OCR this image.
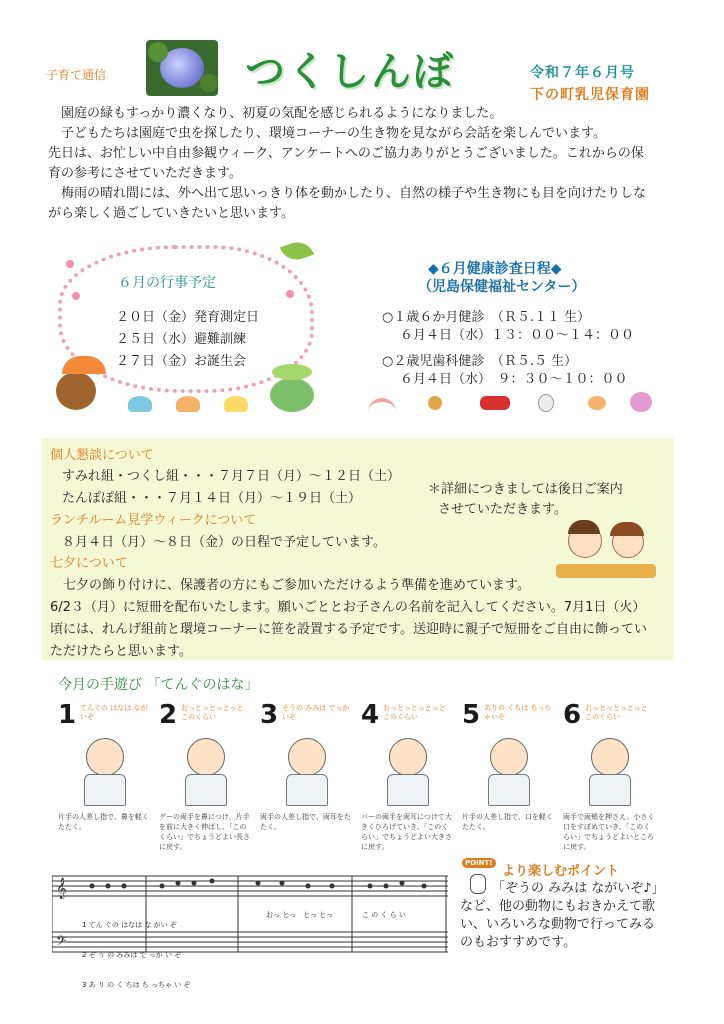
子育て通信	つくしんぼ	令和７年６月号
下の町乳児保育園

　園庭の緑もすっかり濃くなり、初夏の気配を感じられるようになりました。

　子どもたちは園庭で虫を探したり、環境コーナーの生き物を見ながら会話を楽しんでいます。

先日は、お忙しい中自由参観ウィーク、アンケートへのご協力ありがとうございました。これからの保

育の参考にさせていただきます。

　梅雨の晴れ間には、外へ出て思いっきり体を動かしたり、自然の様子や生き物にも目を向けたりしな

がら楽しく過ごしていきたいと思います。

６月の行事予定
２０日（金）発育測定日
２５日（水）避難訓練
２７日（金）お誕生会
◆６月健康診査日程◆
（児島保健福祉センター）
○１歳６か月健診　（Ｒ５.１１ 生）
６月４日（水）１３：００～１４：００
○２歳児歯科健診　（Ｒ５.５ 生）
６月４日（水）　９：３０～１０：００
個人懇談について
すみれ組・つくし組・・・７月７日（月）～１２日（土）
たんぽぽ組・・・７月１４日（月）～１９日（土）
＊詳細につきましては後日ご案内
させていただきます。
ランチルーム見学ウィークについて
８月４日（月）～８日（金）の日程で予定しています。
七夕について
　七夕の飾り付けに、保護者の方にもご参加いただけるよう準備を進めています。
6/2３（月）に短冊を配布いたします。願いごととお子さんの名前を記入してください。7月1日（火）
頃には、れんげ組前と環境コーナーに笹を設置する予定です。送迎時に親子で短冊をご自由に飾ってい
ただけたらと思います。
今月の手遊び 「てんぐのはな」
1 てんぐの はなは ながいぞ
片手の人差し指で、鼻を軽くたたく。
2 おっとっとっとっと このくらい
グーの両手を鼻につけ、片手を前に大きく伸ばし、「このくらい」でちょうどよい長さに戻す。
3 そうの みみは でっかいぞ
両手の人差し指で、両耳をたたく。
4 おっとっとっとっと このくらい
パーの両手を両耳につけて大きくひろげていき、「このくらい」でちょうどよい大きさに戻す。
5 ありの くちは ちっちゃいぞ
片手の人差し指で、口を軽くたたく。
6 おっとっとっとっと このくらい
両手で両頬を押さえ、小さく口をすぼめていき、「このくらい」でちょうどよいところに戻す。
𝄞
𝄢

1 てん ぐの はなは な がい ぞ

2 ぞ う の みみは で っか い ぞ

3 あ り の く ちは ち っちゃ い ぞ

おっ とっ　とっ とっ	こ の く ら い
POINT!
より楽しむポイント
「ぞうの みみは ながいぞ♪」
など、他の動物にもおきかえて歌
い、いろいろな動物で行ってみる
のもおすすめです。
